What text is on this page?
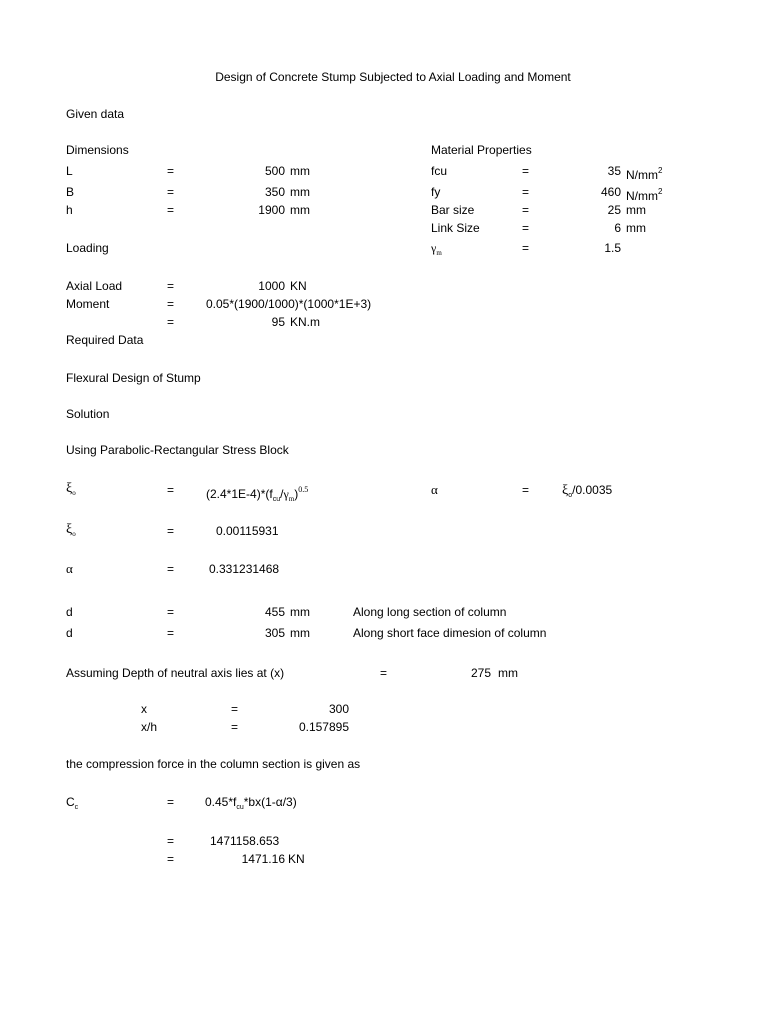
Design of Concrete Stump Subjected to Axial Loading and Moment
Given data
Dimensions
L	=	500 mm
B	=	350 mm
h	=	1900 mm
Material Properties
fcu	=	35 $N/mm^2$
fy	=	460 $N/mm^2$
Bar size	=	25 mm
Link Size	=	6 mm
$\gamma_m$	=	1.5
Loading
Axial Load	=	1000 KN
Moment	=	0.05*(1900/1000)*(1000*1E+3)
=	95 KN.m
Required Data
Flexural Design of Stump
Solution
Using Parabolic-Rectangular Stress Block
$\xi_o$	=	$(2.4*1E-4)*(f_{cu}/\gamma_m)^{0.5}$	α	= $\xi_o/0.0035$
$\xi_o$	=	0.00115931
α	=	0.331231468
d	=	455 mm	Along long section of column
d	=	305 mm	Along short face dimesion of column
Assuming Depth of neutral axis lies at (x)	=	275 mm
x	=	300
x/h	=	0.157895
the compression force in the column section is given as
$C_c$	=	$0.45*f_{cu}*bx(1-\alpha/3)$
=	1471158.653
=	1471.16 KN
